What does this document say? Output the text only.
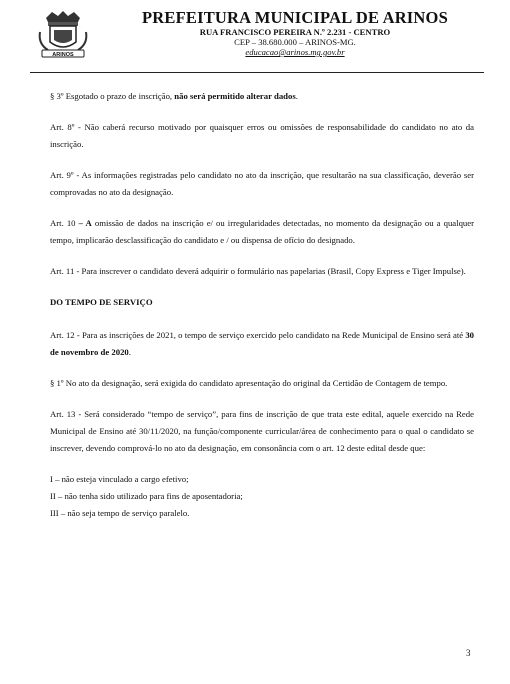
ARINOS
PREFEITURA MUNICIPAL DE ARINOS
RUA FRANCISCO PEREIRA N.º 2.231 - CENTRO
CEP – 38.680.000 – ARINOS-MG.
educacao@arinos.mg.gov.br

§ 3º Esgotado o prazo de inscrição, não será permitido alterar dados.

Art. 8º - Não caberá recurso motivado por quaisquer erros ou omissões de responsabilidade do candidato no ato da inscrição.

Art. 9º - As informações registradas pelo candidato no ato da inscrição, que resultarão na sua classificação, deverão ser comprovadas no ato da designação.

Art. 10 – A omissão de dados na inscrição e/ ou irregularidades detectadas, no momento da designação ou a qualquer tempo, implicarão desclassificação do candidato e / ou dispensa de ofício do designado.

Art. 11 - Para inscrever o candidato deverá adquirir o formulário nas papelarias (Brasil, Copy Express e Tiger Impulse).

DO TEMPO DE SERVIÇO

Art. 12 - Para as inscrições de 2021, o tempo de serviço exercido pelo candidato na Rede Municipal de Ensino será até 30 de novembro de 2020.

§ 1º No ato da designação, será exigida do candidato apresentação do original da Certidão de Contagem de tempo.

Art. 13 - Será considerado “tempo de serviço”, para fins de inscrição de que trata este edital, aquele exercido na Rede Municipal de Ensino até 30/11/2020, na função/componente curricular/área de conhecimento para o qual o candidato se inscrever, devendo comprová-lo no ato da designação, em consonância com o art. 12 deste edital desde que:

I – não esteja vinculado a cargo efetivo;

II – não tenha sido utilizado para fins de aposentadoria;

III – não seja tempo de serviço paralelo.

3
